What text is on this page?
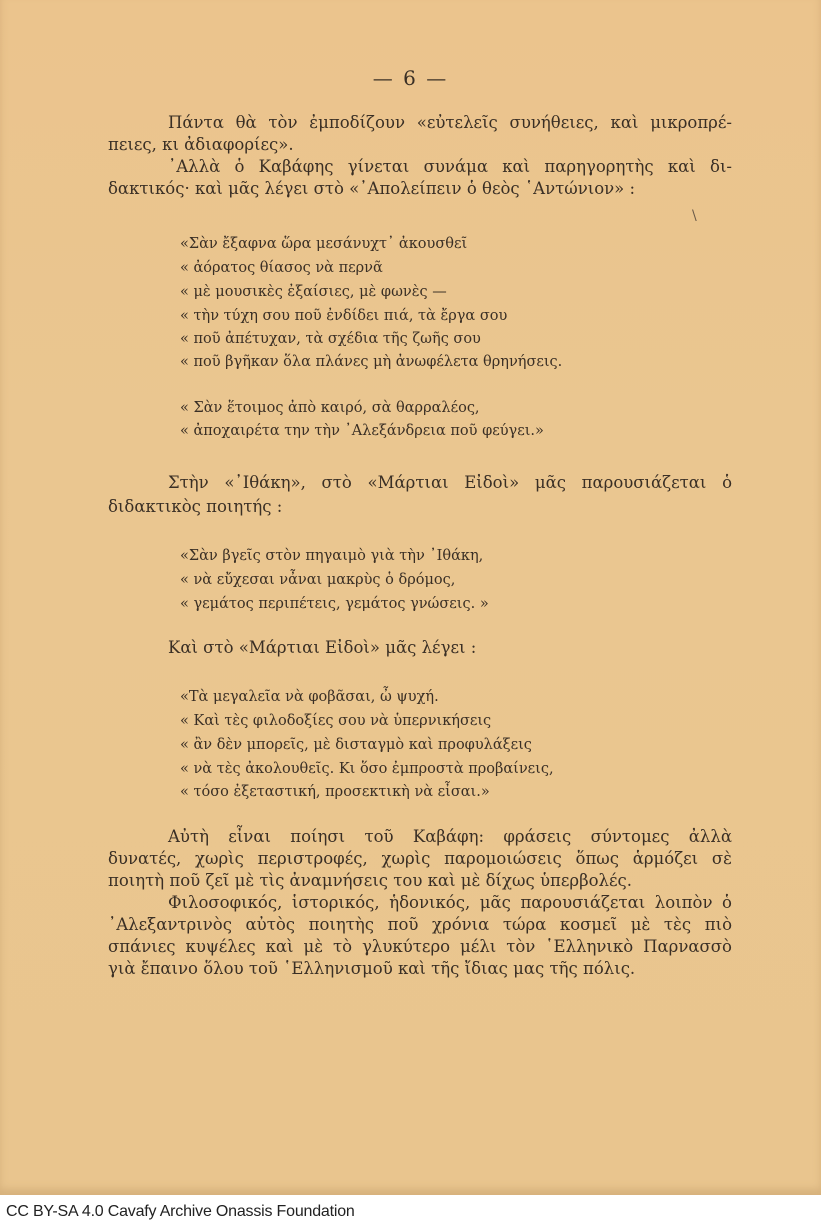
— 6 —
Πάντα θὰ τὸν ἐμποδίζουν «εὐτελεῖς συνήθειες, καὶ μικροπρέ-
πειες, κι ἀδιαφορίες».
᾿Αλλὰ ὁ Καβάφης γίνεται συνάμα καὶ παρηγορητὴς καὶ δι-
δακτικός· καὶ μᾶς λέγει στὸ «᾿Απολείπειν ὁ θεὸς ῾Αντώνιον» :
\
«Σὰν ἔξαφνα ὥρα μεσάνυχτ᾿ ἀκουσθεῖ
« ἀόρατος θίασος νὰ περνᾶ
« μὲ μουσικὲς ἐξαίσιες, μὲ φωνὲς —
« τὴν τύχη σου ποῦ ἐνδίδει πιά, τὰ ἔργα σου
« ποῦ ἀπέτυχαν, τὰ σχέδια τῆς ζωῆς σου
« ποῦ βγῆκαν ὅλα πλάνες μὴ ἀνωφέλετα θρηνήσεις.
« Σὰν ἕτοιμος ἀπὸ καιρό, σὰ θαρραλέος,
« ἀποχαιρέτα την τὴν ᾿Αλεξάνδρεια ποῦ φεύγει.»
Στὴν «᾿Ιθάκη», στὸ «Μάρτιαι Εἰδοὶ» μᾶς παρουσιάζεται ὁ
διδακτικὸς ποιητής :
«Σὰν βγεῖς στὸν πηγαιμὸ γιὰ τὴν ᾿Ιθάκη,
« νὰ εὔχεσαι νἆναι μακρὺς ὁ δρόμος,
« γεμάτος περιπέτεις, γεμάτος γνώσεις. »
Καὶ στὸ «Μάρτιαι Εἰδοὶ» μᾶς λέγει :
«Τὰ μεγαλεῖα νὰ φοβᾶσαι, ὦ ψυχή.
« Καὶ τὲς φιλοδοξίες σου νὰ ὑπερνικήσεις
« ἂν δὲν μπορεῖς, μὲ δισταγμὸ καὶ προφυλάξεις
« νὰ τὲς ἀκολουθεῖς. Κι ὅσο ἐμπροστὰ προβαίνεις,
« τόσο ἐξεταστική, προσεκτικὴ νὰ εἶσαι.»
Αὐτὴ εἶναι ποίησι τοῦ Καβάφη: φράσεις σύντομες ἀλλὰ
δυνατές, χωρὶς περιστροφές, χωρὶς παρομοιώσεις ὅπως ἁρμόζει σὲ
ποιητὴ ποῦ ζεῖ μὲ τὶς ἀναμνήσεις του καὶ μὲ δίχως ὑπερβολές.
Φιλοσοφικός, ἱστορικός, ἡδονικός, μᾶς παρουσιάζεται λοιπὸν ὁ
᾿Αλεξαντρινὸς αὐτὸς ποιητὴς ποῦ χρόνια τώρα κοσμεῖ μὲ τὲς πιὸ
σπάνιες κυψέλες καὶ μὲ τὸ γλυκύτερο μέλι τὸν ῾Ελληνικὸ Παρνασσὸ
γιὰ ἔπαινο ὅλου τοῦ ῾Ελληνισμοῦ καὶ τῆς ἴδιας μας τῆς πόλις.
CC BY-SA 4.0 Cavafy Archive Onassis Foundation
